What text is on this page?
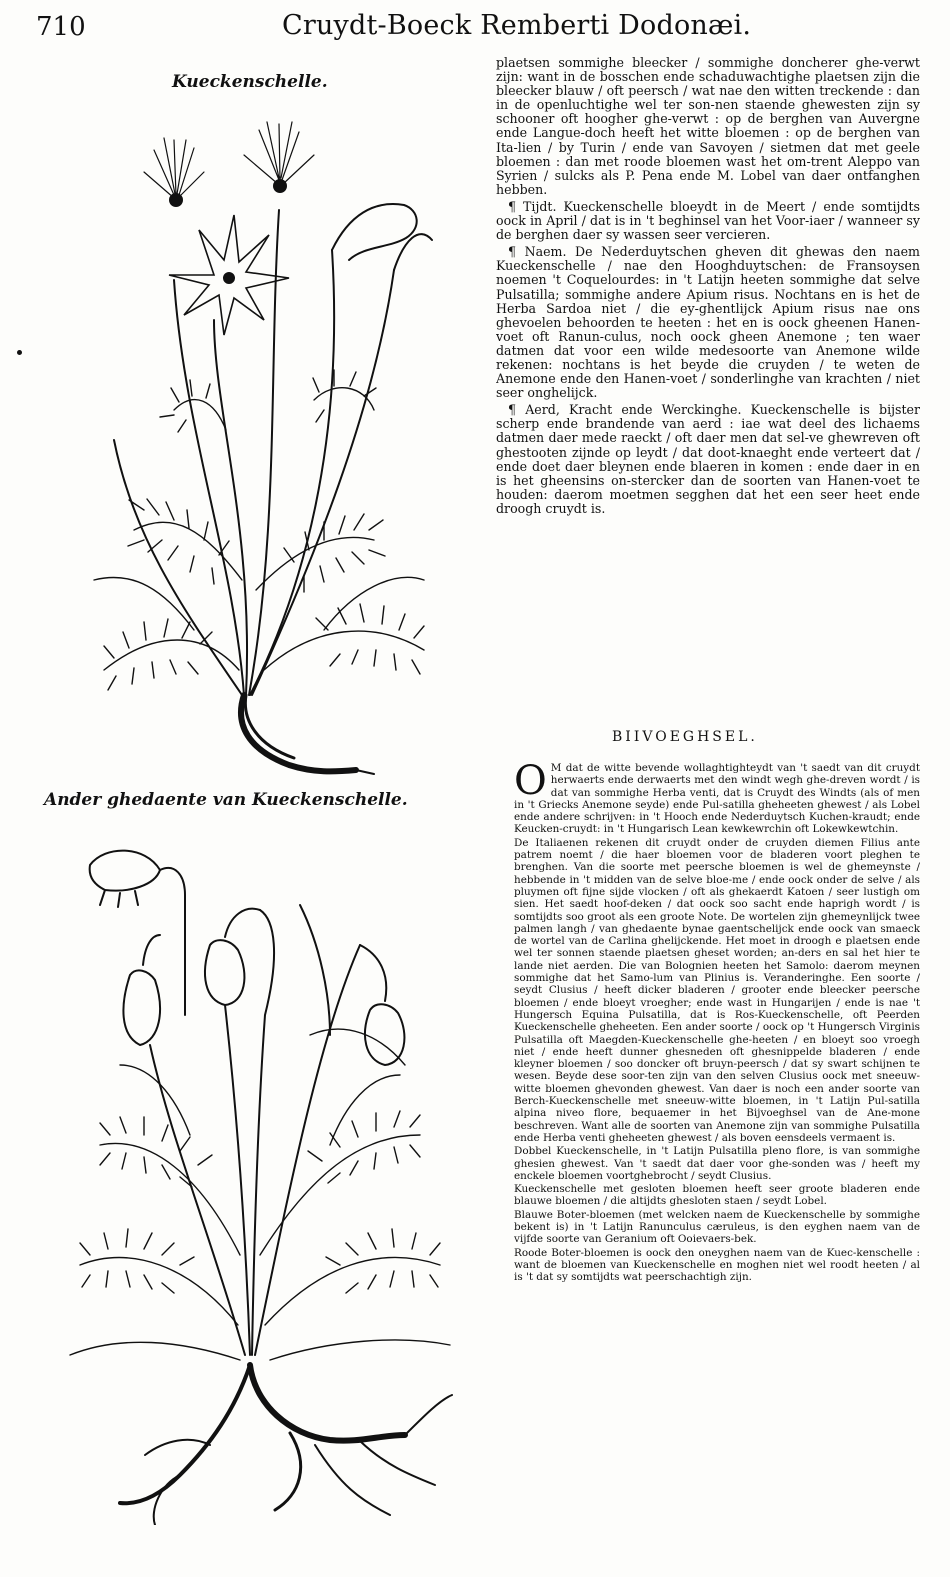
710	Cruydt-Boeck Remberti Dodonæi.
Kueckenschelle.
Ander ghedaente van Kueckenschelle.

plaetsen sommighe bleecker / sommighe doncherer ghe-verwt zijn: want in de bosschen ende schaduwachtighe plaetsen zijn die bleecker blauw / oft peersch / wat nae den witten treckende : dan in de openluchtighe wel ter son-nen staende ghewesten zijn sy schooner oft hoogher ghe-verwt : op de berghen van Auvergne ende Langue-doch heeft het witte bloemen : op de berghen van Ita-lien / by Turin / ende van Savoyen / sietmen dat met geele bloemen : dan met roode bloemen wast het om-trent Aleppo van Syrien / sulcks als P. Pena ende M. Lobel van daer ontfanghen hebben.

¶ Tijdt. Kueckenschelle bloeydt in de Meert / ende somtijdts oock in April / dat is in 't beghinsel van het Voor-iaer / wanneer sy de berghen daer sy wassen seer vercieren.

¶ Naem. De Nederduytschen gheven dit ghewas den naem Kueckenschelle / nae den Hooghduytschen: de Fransoysen noemen 't Coquelourdes: in 't Latijn heeten sommighe dat selve Pulsatilla; sommighe andere Apium risus. Nochtans en is het de Herba Sardoa niet / die ey-ghentlijck Apium risus nae ons ghevoelen behoorden te heeten : het en is oock gheenen Hanen-voet oft Ranun-culus, noch oock gheen Anemone ; ten waer datmen dat voor een wilde medesoorte van Anemone wilde rekenen: nochtans is het beyde die cruyden / te weten de Anemone ende den Hanen-voet / sonderlinghe van krachten / niet seer onghelijck.

¶ Aerd, Kracht ende Werckinghe. Kueckenschelle is bijster scherp ende brandende van aerd : iae wat deel des lichaems datmen daer mede raeckt / oft daer men dat sel-ve ghewreven oft ghestooten zijnde op leydt / dat doot-knaeght ende verteert dat / ende doet daer bleynen ende blaeren in komen : ende daer in en is het gheensins on-stercker dan de soorten van Hanen-voet te houden: daerom moetmen segghen dat het een seer heet ende droogh cruydt is.

BIIVOEGHSEL.

O M dat de witte bevende wollaghtighteydt van 't saedt van dit cruydt herwaerts ende derwaerts met den windt wegh ghe-dreven wordt / is dat van sommighe Herba venti, dat is Cruydt des Windts (als of men in 't Griecks Anemone seyde) ende Pul-satilla gheheeten ghewest / als Lobel ende andere schrijven: in 't Hooch ende Nederduytsch Kuchen-kraudt; ende Keucken-cruydt: in 't Hungarisch Lean kewkewrchin oft Lokewkewtchin.

De Italiaenen rekenen dit cruydt onder de cruyden diemen Filius ante patrem noemt / die haer bloemen voor de bladeren voort pleghen te brenghen. Van die soorte met peersche bloemen is wel de ghemeynste / hebbende in 't midden van de selve bloe-me / ende oock onder de selve / als pluymen oft fijne sijde vlocken / oft als ghekaerdt Katoen / seer lustigh om sien. Het saedt hoof-deken / dat oock soo sacht ende haprigh wordt / is somtijdts soo groot als een groote Note. De wortelen zijn ghemeynlijck twee palmen langh / van ghedaente bynae gaentschelijck ende oock van smaeck de wortel van de Carlina ghelijckende. Het moet in droogh e plaetsen ende wel ter sonnen staende plaetsen gheset worden; an-ders en sal het hier te lande niet aerden. Die van Bolognien heeten het Samolo: daerom meynen sommighe dat het Samo-lum van Plinius is. Veranderinghe. Een soorte / seydt Clusius / heeft dicker bladeren / grooter ende bleecker peersche bloemen / ende bloeyt vroegher; ende wast in Hungarijen / ende is nae 't Hungersch Equina Pulsatilla, dat is Ros-Kueckenschelle, oft Peerden Kueckenschelle gheheeten. Een ander soorte / oock op 't Hungersch Virginis Pulsatilla oft Maegden-Kueckenschelle ghe-heeten / en bloeyt soo vroegh niet / ende heeft dunner ghesneden oft ghesnippelde bladeren / ende kleyner bloemen / soo doncker oft bruyn-peersch / dat sy swart schijnen te wesen. Beyde dese soor-ten zijn van den selven Clusius oock met sneeuw-witte bloemen ghevonden ghewest. Van daer is noch een ander soorte van Berch-Kueckenschelle met sneeuw-witte bloemen, in 't Latijn Pul-satilla alpina niveo flore, bequaemer in het Bijvoeghsel van de Ane-mone beschreven. Want alle de soorten van Anemone zijn van sommighe Pulsatilla ende Herba venti gheheeten ghewest / als boven eensdeels vermaent is.

Dobbel Kueckenschelle, in 't Latijn Pulsatilla pleno flore, is van sommighe ghesien ghewest. Van 't saedt dat daer voor ghe-sonden was / heeft my enckele bloemen voortghebrocht / seydt Clusius.

Kueckenschelle met gesloten bloemen heeft seer groote bladeren ende blauwe bloemen / die altijdts ghesloten staen / seydt Lobel.

Blauwe Boter-bloemen (met welcken naem de Kueckenschelle by sommighe bekent is) in 't Latijn Ranunculus cæruleus, is den eyghen naem van de vijfde soorte van Geranium oft Ooievaers-bek.

Roode Boter-bloemen is oock den oneyghen naem van de Kuec-kenschelle : want de bloemen van Kueckenschelle en moghen niet wel roodt heeten / al is 't dat sy somtijdts wat peerschachtigh zijn.
